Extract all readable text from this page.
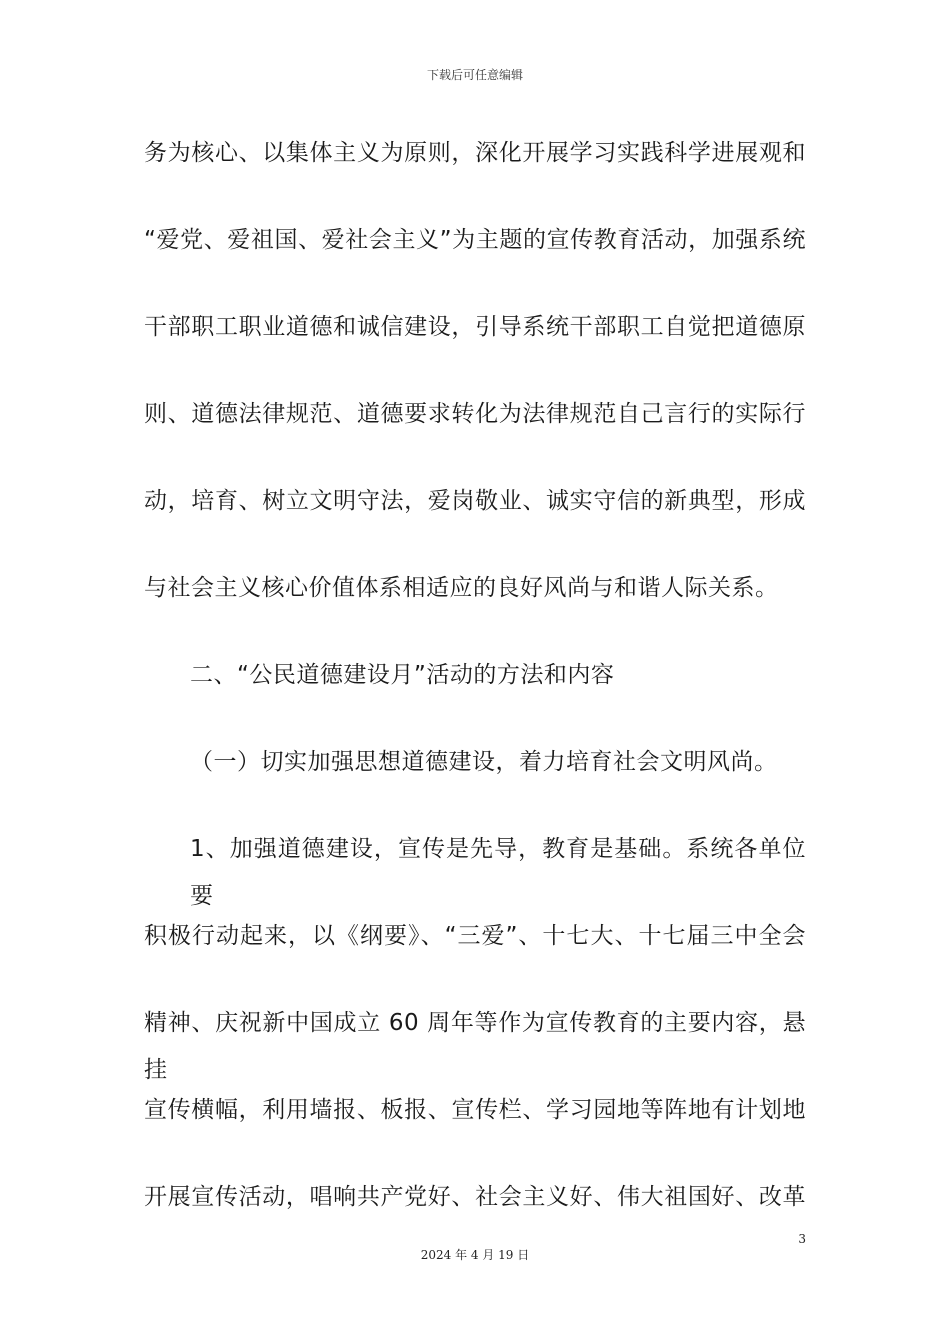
下载后可任意编辑
务为核心、以集体主义为原则，深化开展学习实践科学进展观和
“爱党、爱祖国、爱社会主义”为主题的宣传教育活动，加强系统
干部职工职业道德和诚信建设，引导系统干部职工自觉把道德原
则、道德法律规范、道德要求转化为法律规范自己言行的实际行
动，培育、树立文明守法，爱岗敬业、诚实守信的新典型，形成
与社会主义核心价值体系相适应的良好风尚与和谐人际关系。
二、“公民道德建设月”活动的方法和内容
（一）切实加强思想道德建设，着力培育社会文明风尚。
1、加强道德建设，宣传是先导，教育是基础。系统各单位要
积极行动起来，以《纲要》、“三爱”、十七大、十七届三中全会
精神、庆祝新中国成立 60 周年等作为宣传教育的主要内容，悬挂
宣传横幅，利用墙报、板报、宣传栏、学习园地等阵地有计划地
开展宣传活动，唱响共产党好、社会主义好、伟大祖国好、改革
3
2024 年 4 月 19 日
